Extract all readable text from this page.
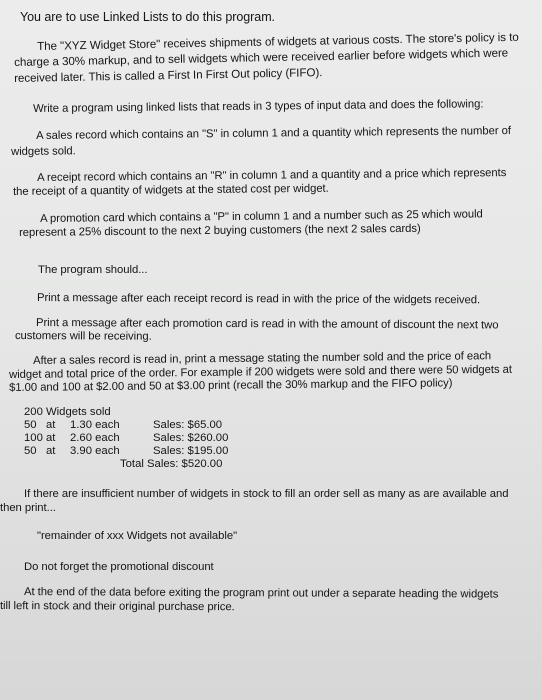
You are to use Linked Lists to do this program.
The "XYZ Widget Store" receives shipments of widgets at various costs. The store's policy is to
charge a 30% markup, and to sell widgets which were received earlier before widgets which were
received later. This is called a First In First Out policy (FIFO).
Write a program using linked lists that reads in 3 types of input data and does the following:
A sales record which contains an "S" in column 1 and a quantity which represents the number of
widgets sold.
A receipt record which contains an "R" in column 1 and a quantity and a price which represents
the receipt of a quantity of widgets at the stated cost per widget.
A promotion card which contains a "P" in column 1 and a number such as 25 which would
represent a 25% discount to the next 2 buying customers (the next 2 sales cards)
The program should...
Print a message after each receipt record is read in with the price of the widgets received.
Print a message after each promotion card is read in with the amount of discount the next two
customers will be receiving.
After a sales record is read in, print a message stating the number sold and the price of each
widget and total price of the order. For example if 200 widgets were sold and there were 50 widgets at
$1.00 and 100 at $2.00 and 50 at $3.00 print (recall the 30% markup and the FIFO policy)
200 Widgets sold
50 at 1.30 each	Sales: $65.00
100 at 2.60 each	Sales: $260.00
50 at 3.90 each	Sales: $195.00
Total Sales: $520.00
If there are insufficient number of widgets in stock to fill an order sell as many as are available and
then print...
"remainder of xxx Widgets not available"
Do not forget the promotional discount
At the end of the data before exiting the program print out under a separate heading the widgets
till left in stock and their original purchase price.
